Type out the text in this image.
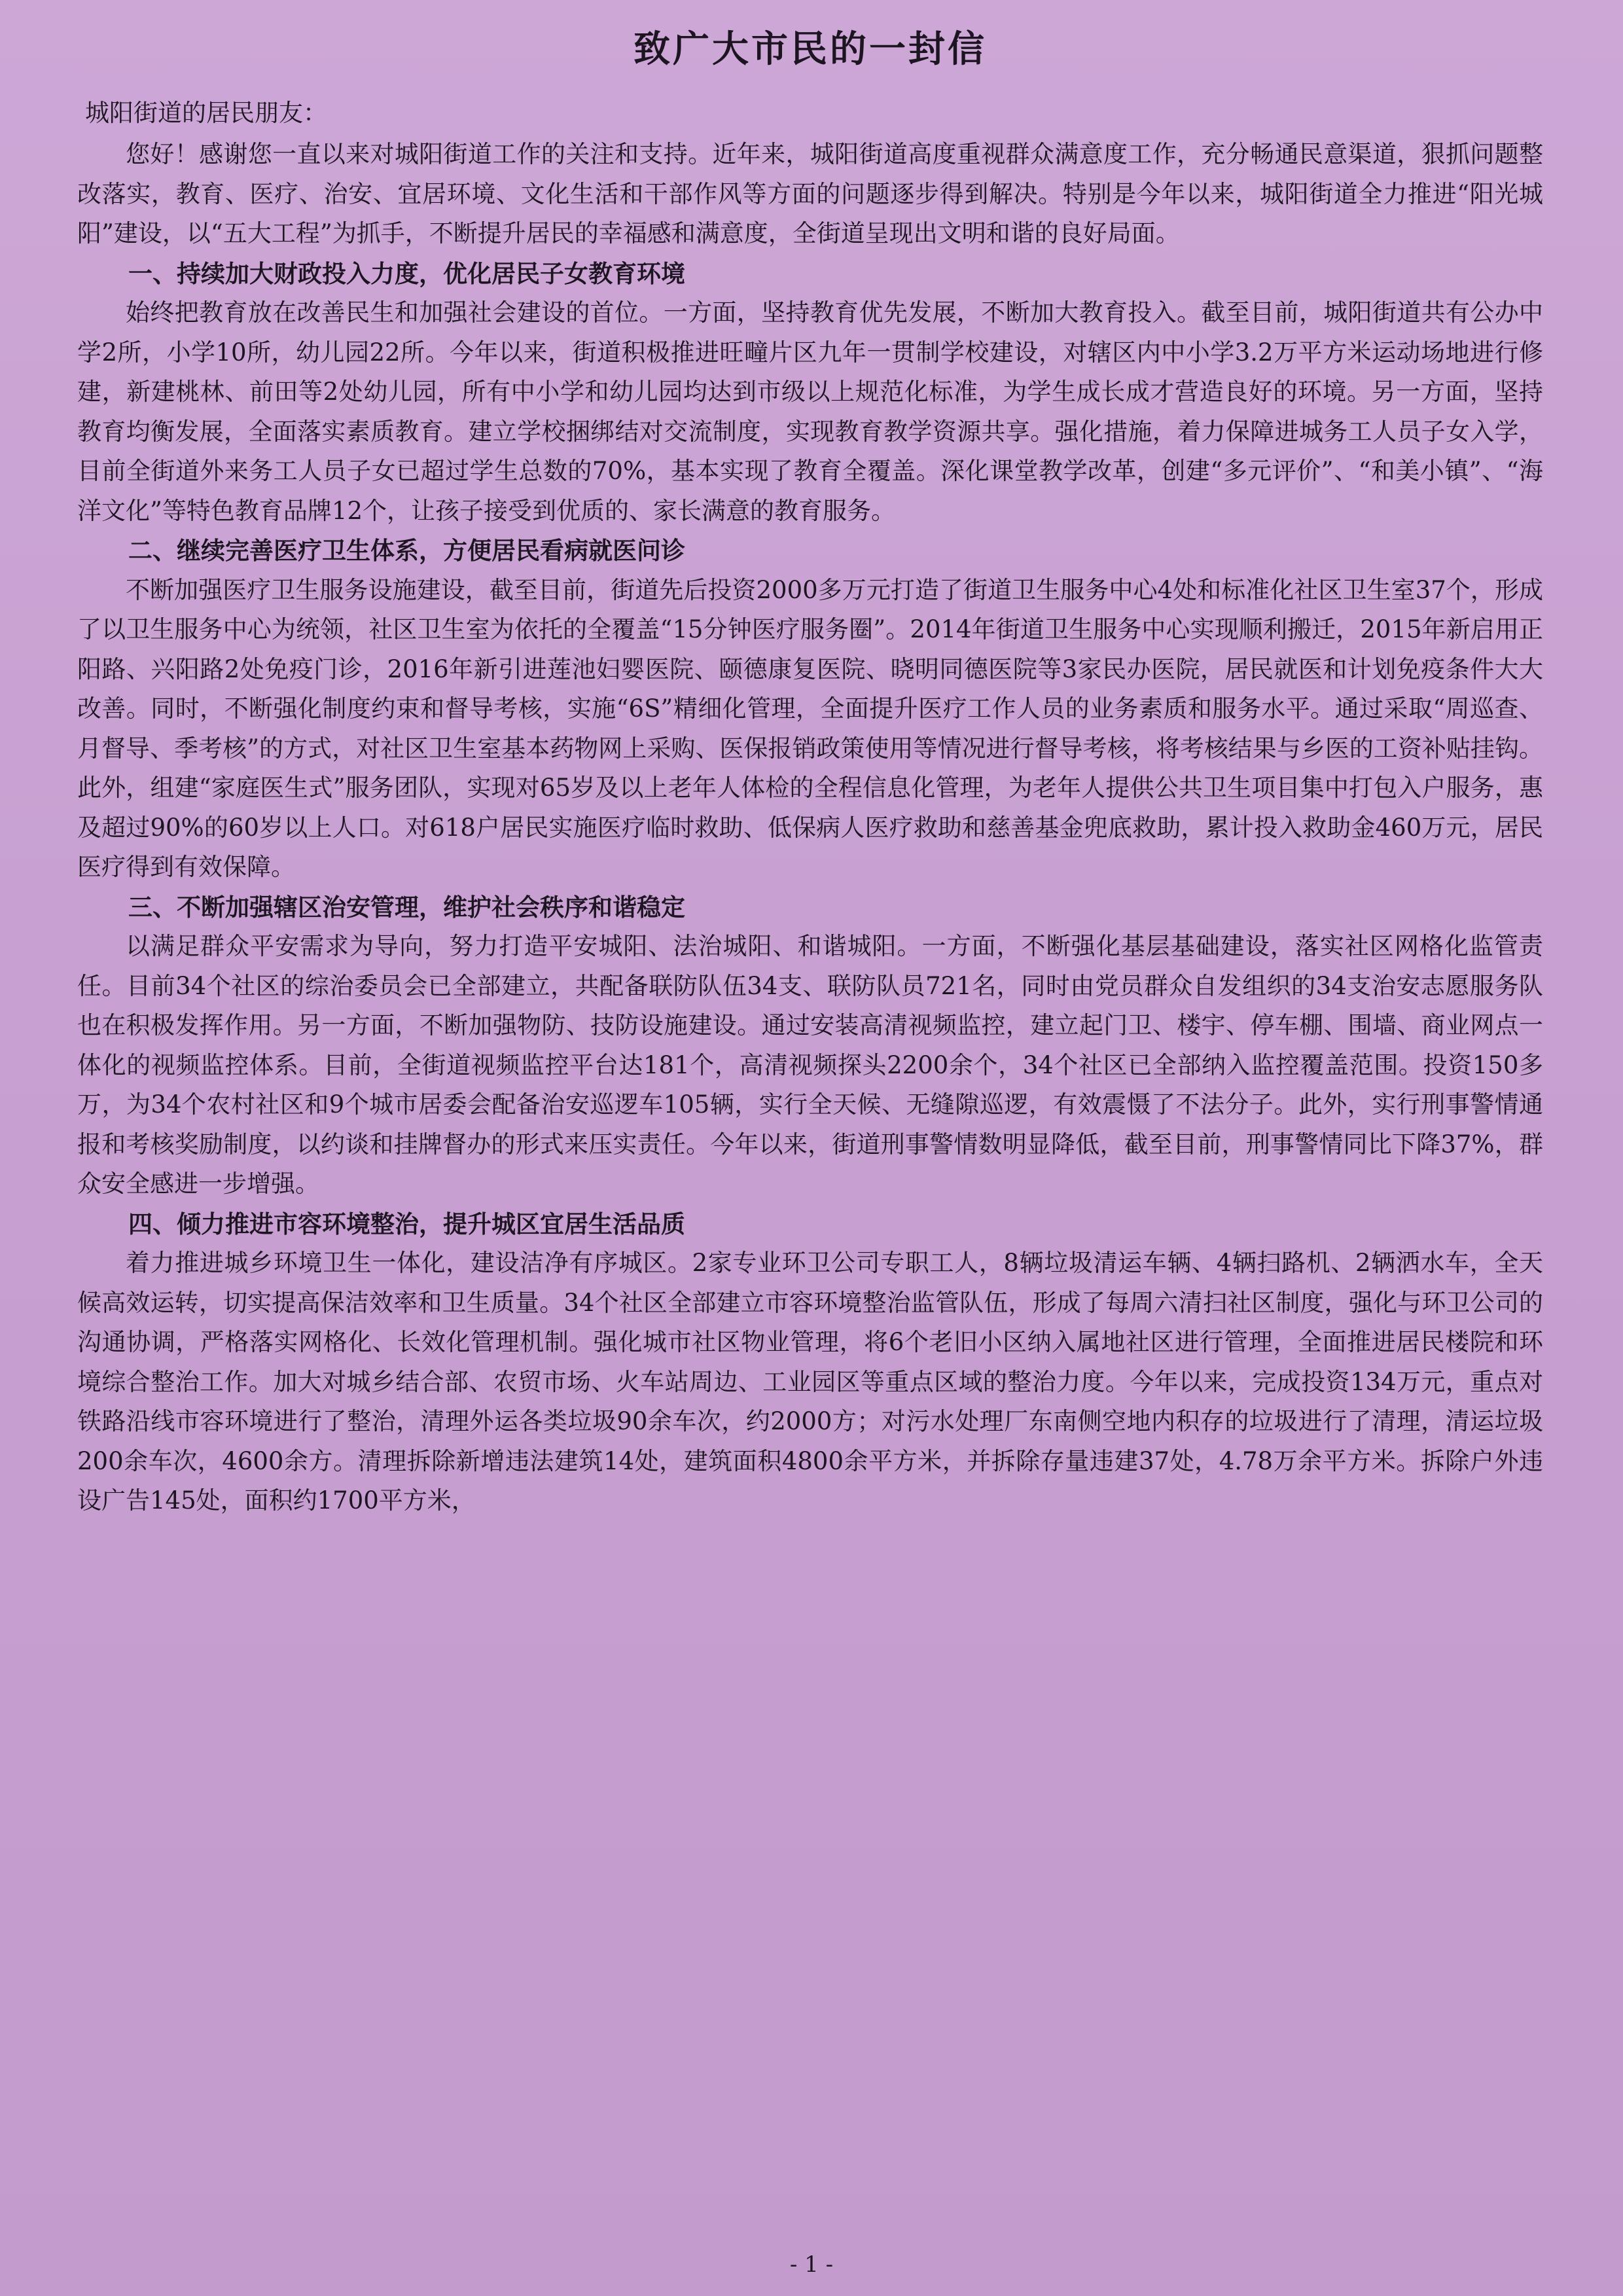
致广大市民的一封信

城阳街道的居民朋友：

您好！感谢您一直以来对城阳街道工作的关注和支持。近年来，城阳街道高度重视群众满意度工作，充分畅通民意渠道，狠抓问题整改落实，教育、医疗、治安、宜居环境、文化生活和干部作风等方面的问题逐步得到解决。特别是今年以来，城阳街道全力推进“阳光城阳”建设，以“五大工程”为抓手，不断提升居民的幸福感和满意度，全街道呈现出文明和谐的良好局面。

一、持续加大财政投入力度，优化居民子女教育环境

始终把教育放在改善民生和加强社会建设的首位。一方面，坚持教育优先发展，不断加大教育投入。截至目前，城阳街道共有公办中学2所，小学10所，幼儿园22所。今年以来，街道积极推进旺疃片区九年一贯制学校建设，对辖区内中小学3.2万平方米运动场地进行修建，新建桃林、前田等2处幼儿园，所有中小学和幼儿园均达到市级以上规范化标准，为学生成长成才营造良好的环境。另一方面，坚持教育均衡发展，全面落实素质教育。建立学校捆绑结对交流制度，实现教育教学资源共享。强化措施，着力保障进城务工人员子女入学，目前全街道外来务工人员子女已超过学生总数的70%，基本实现了教育全覆盖。深化课堂教学改革，创建“多元评价”、“和美小镇”、“海洋文化”等特色教育品牌12个，让孩子接受到优质的、家长满意的教育服务。

二、继续完善医疗卫生体系，方便居民看病就医问诊

不断加强医疗卫生服务设施建设，截至目前，街道先后投资2000多万元打造了街道卫生服务中心4处和标准化社区卫生室37个，形成了以卫生服务中心为统领，社区卫生室为依托的全覆盖“15分钟医疗服务圈”。2014年街道卫生服务中心实现顺利搬迁，2015年新启用正阳路、兴阳路2处免疫门诊，2016年新引进莲池妇婴医院、颐德康复医院、晓明同德医院等3家民办医院，居民就医和计划免疫条件大大改善。同时，不断强化制度约束和督导考核，实施“6S”精细化管理，全面提升医疗工作人员的业务素质和服务水平。通过采取“周巡查、月督导、季考核”的方式，对社区卫生室基本药物网上采购、医保报销政策使用等情况进行督导考核，将考核结果与乡医的工资补贴挂钩。此外，组建“家庭医生式”服务团队，实现对65岁及以上老年人体检的全程信息化管理，为老年人提供公共卫生项目集中打包入户服务，惠及超过90%的60岁以上人口。对618户居民实施医疗临时救助、低保病人医疗救助和慈善基金兜底救助，累计投入救助金460万元，居民医疗得到有效保障。

三、不断加强辖区治安管理，维护社会秩序和谐稳定

以满足群众平安需求为导向，努力打造平安城阳、法治城阳、和谐城阳。一方面，不断强化基层基础建设，落实社区网格化监管责任。目前34个社区的综治委员会已全部建立，共配备联防队伍34支、联防队员721名，同时由党员群众自发组织的34支治安志愿服务队也在积极发挥作用。另一方面，不断加强物防、技防设施建设。通过安装高清视频监控，建立起门卫、楼宇、停车棚、围墙、商业网点一体化的视频监控体系。目前，全街道视频监控平台达181个，高清视频探头2200余个，34个社区已全部纳入监控覆盖范围。投资150多万，为34个农村社区和9个城市居委会配备治安巡逻车105辆，实行全天候、无缝隙巡逻，有效震慑了不法分子。此外，实行刑事警情通报和考核奖励制度，以约谈和挂牌督办的形式来压实责任。今年以来，街道刑事警情数明显降低，截至目前，刑事警情同比下降37%，群众安全感进一步增强。

四、倾力推进市容环境整治，提升城区宜居生活品质

着力推进城乡环境卫生一体化，建设洁净有序城区。2家专业环卫公司专职工人，8辆垃圾清运车辆、4辆扫路机、2辆洒水车，全天候高效运转，切实提高保洁效率和卫生质量。34个社区全部建立市容环境整治监管队伍，形成了每周六清扫社区制度，强化与环卫公司的沟通协调，严格落实网格化、长效化管理机制。强化城市社区物业管理，将6个老旧小区纳入属地社区进行管理，全面推进居民楼院和环境综合整治工作。加大对城乡结合部、农贸市场、火车站周边、工业园区等重点区域的整治力度。今年以来，完成投资134万元，重点对铁路沿线市容环境进行了整治，清理外运各类垃圾90余车次，约2000方；对污水处理厂东南侧空地内积存的垃圾进行了清理，清运垃圾200余车次，4600余方。清理拆除新增违法建筑14处，建筑面积4800余平方米，并拆除存量违建37处，4.78万余平方米。拆除户外违设广告145处，面积约1700平方米，

- 1 -
